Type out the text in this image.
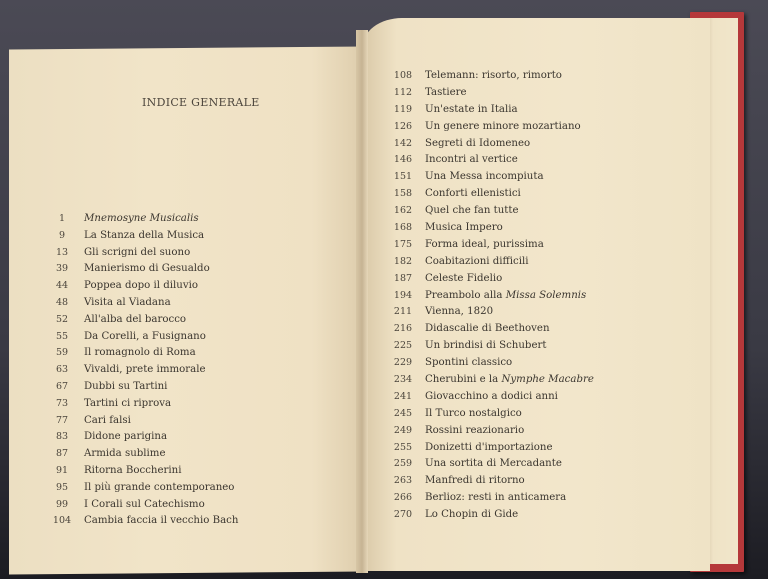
INDICE GENERALE
1	Mnemosyne Musicalis
9	La Stanza della Musica
13	Gli scrigni del suono
39	Manierismo di Gesualdo
44	Poppea dopo il diluvio
48	Visita al Viadana
52	All'alba del barocco
55	Da Corelli, a Fusignano
59	Il romagnolo di Roma
63	Vivaldi, prete immorale
67	Dubbi su Tartini
73	Tartini ci riprova
77	Cari falsi
83	Didone parigina
87	Armida sublime
91	Ritorna Boccherini
95	Il più grande contemporaneo
99	I Corali sul Catechismo
104	Cambia faccia il vecchio Bach
108	Telemann: risorto, rimorto
112	Tastiere
119	Un'estate in Italia
126	Un genere minore mozartiano
142	Segreti di Idomeneo
146	Incontri al vertice
151	Una Messa incompiuta
158	Conforti ellenistici
162	Quel che fan tutte
168	Musica Impero
175	Forma ideal, purissima
182	Coabitazioni difficili
187	Celeste Fidelio
194	Preambolo alla Missa Solemnis
211	Vienna, 1820
216	Didascalie di Beethoven
225	Un brindisi di Schubert
229	Spontini classico
234	Cherubini e la Nymphe Macabre
241	Giovacchino a dodici anni
245	Il Turco nostalgico
249	Rossini reazionario
255	Donizetti d'importazione
259	Una sortita di Mercadante
263	Manfredi di ritorno
266	Berlioz: resti in anticamera
270	Lo Chopin di Gide
